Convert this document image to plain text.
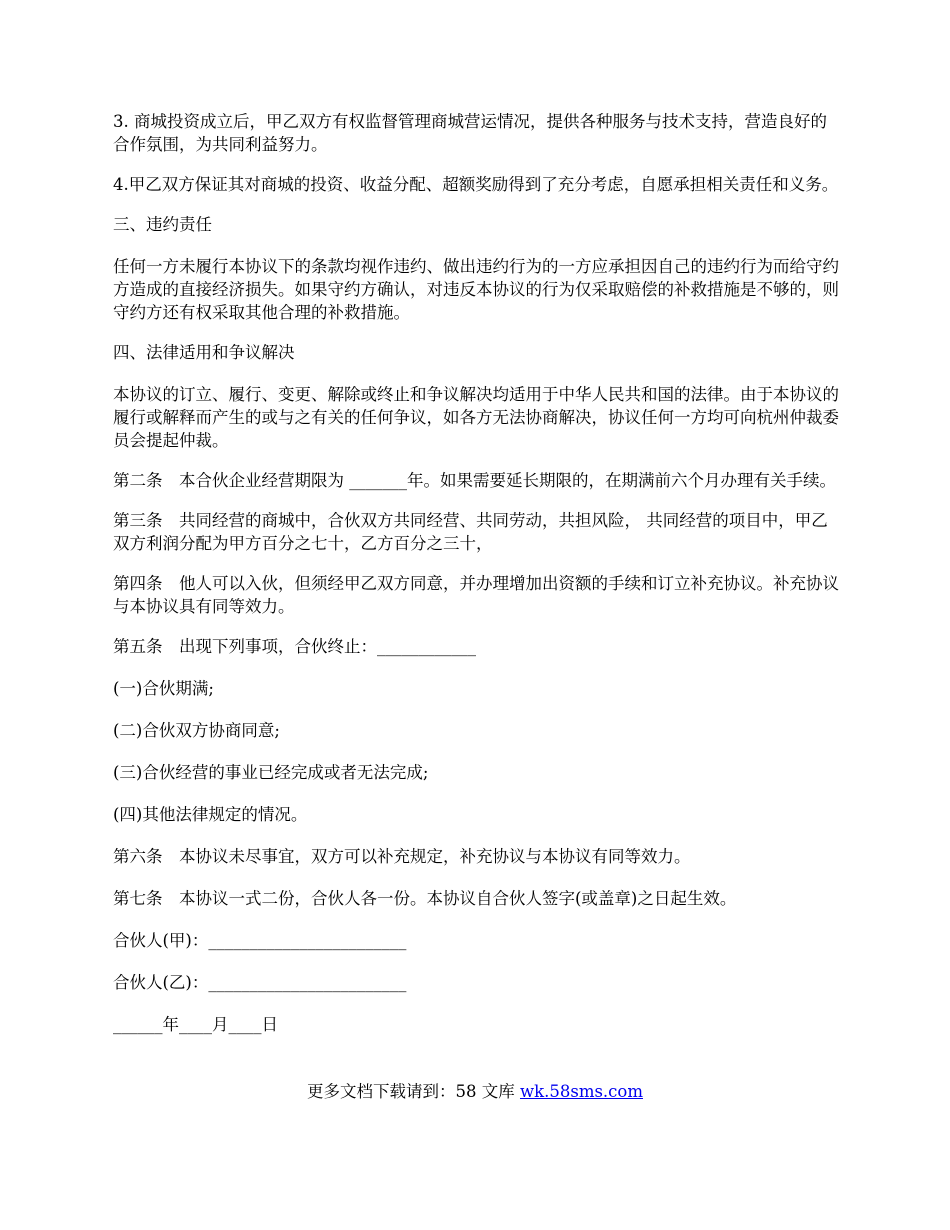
3. 商城投资成立后，甲乙双方有权监督管理商城营运情况，提供各种服务与技术支持，营造良好的合作氛围，为共同利益努力。

4.甲乙双方保证其对商城的投资、收益分配、超额奖励得到了充分考虑，自愿承担相关责任和义务。

三、违约责任

任何一方未履行本协议下的条款均视作违约、做出违约行为的一方应承担因自己的违约行为而给守约方造成的直接经济损失。如果守约方确认，对违反本协议的行为仅采取赔偿的补救措施是不够的，则守约方还有权采取其他合理的补救措施。

四、法律适用和争议解决

本协议的订立、履行、变更、解除或终止和争议解决均适用于中华人民共和国的法律。由于本协议的履行或解释而产生的或与之有关的任何争议，如各方无法协商解决，协议任何一方均可向杭州仲裁委员会提起仲裁。

第二条　本合伙企业经营期限为 _______年。如果需要延长期限的，在期满前六个月办理有关手续。

第三条　共同经营的商城中，合伙双方共同经营、共同劳动，共担风险， 共同经营的项目中，甲乙双方利润分配为甲方百分之七十，乙方百分之三十，

第四条　他人可以入伙，但须经甲乙双方同意，并办理增加出资额的手续和订立补充协议。补充协议与本协议具有同等效力。

第五条　出现下列事项，合伙终止：____________

(一)合伙期满;

(二)合伙双方协商同意;

(三)合伙经营的事业已经完成或者无法完成;

(四)其他法律规定的情况。

第六条　本协议未尽事宜，双方可以补充规定，补充协议与本协议有同等效力。

第七条　本协议一式二份，合伙人各一份。本协议自合伙人签字(或盖章)之日起生效。

合伙人(甲)：________________________

合伙人(乙)：________________________

______年____月____日

更多文档下载请到：58 文库 wk.58sms.com
